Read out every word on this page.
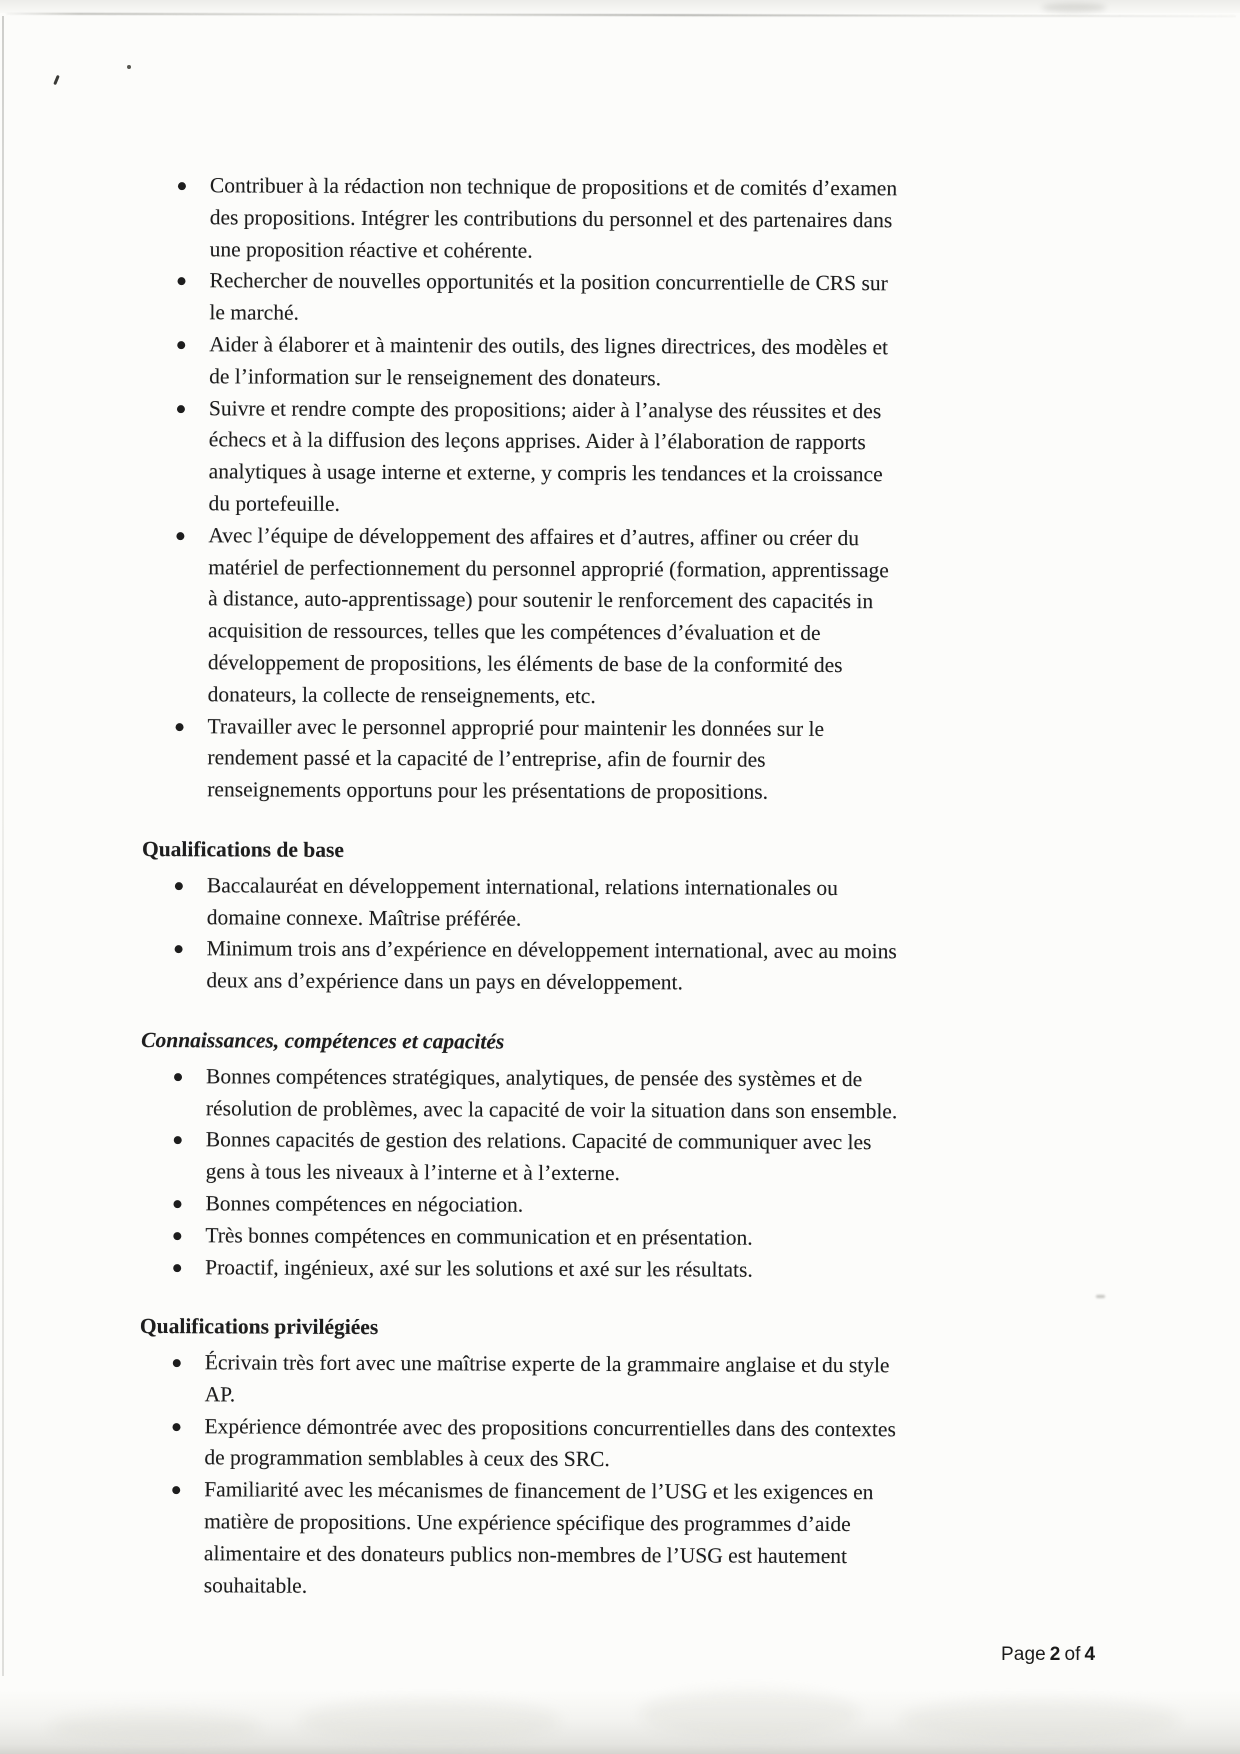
Contribuer à la rédaction non technique de propositions et de comités d’examen
des propositions. Intégrer les contributions du personnel et des partenaires dans
une proposition réactive et cohérente.
Rechercher de nouvelles opportunités et la position concurrentielle de CRS sur
le marché.
Aider à élaborer et à maintenir des outils, des lignes directrices, des modèles et
de l’information sur le renseignement des donateurs.
Suivre et rendre compte des propositions; aider à l’analyse des réussites et des
échecs et à la diffusion des leçons apprises. Aider à l’élaboration de rapports
analytiques à usage interne et externe, y compris les tendances et la croissance
du portefeuille.
Avec l’équipe de développement des affaires et d’autres, affiner ou créer du
matériel de perfectionnement du personnel approprié (formation, apprentissage
à distance, auto-apprentissage) pour soutenir le renforcement des capacités in
acquisition de ressources, telles que les compétences d’évaluation et de
développement de propositions, les éléments de base de la conformité des
donateurs, la collecte de renseignements, etc.
Travailler avec le personnel approprié pour maintenir les données sur le
rendement passé et la capacité de l’entreprise, afin de fournir des
renseignements opportuns pour les présentations de propositions.
Qualifications de base
Baccalauréat en développement international, relations internationales ou
domaine connexe. Maîtrise préférée.
Minimum trois ans d’expérience en développement international, avec au moins
deux ans d’expérience dans un pays en développement.
Connaissances, compétences et capacités
Bonnes compétences stratégiques, analytiques, de pensée des systèmes et de
résolution de problèmes, avec la capacité de voir la situation dans son ensemble.
Bonnes capacités de gestion des relations. Capacité de communiquer avec les
gens à tous les niveaux à l’interne et à l’externe.
Bonnes compétences en négociation.
Très bonnes compétences en communication et en présentation.
Proactif, ingénieux, axé sur les solutions et axé sur les résultats.
Qualifications privilégiées
Écrivain très fort avec une maîtrise experte de la grammaire anglaise et du style
AP.
Expérience démontrée avec des propositions concurrentielles dans des contextes
de programmation semblables à ceux des SRC.
Familiarité avec les mécanismes de financement de l’USG et les exigences en
matière de propositions. Une expérience spécifique des programmes d’aide
alimentaire et des donateurs publics non-membres de l’USG est hautement
souhaitable.
Page 2 of 4
